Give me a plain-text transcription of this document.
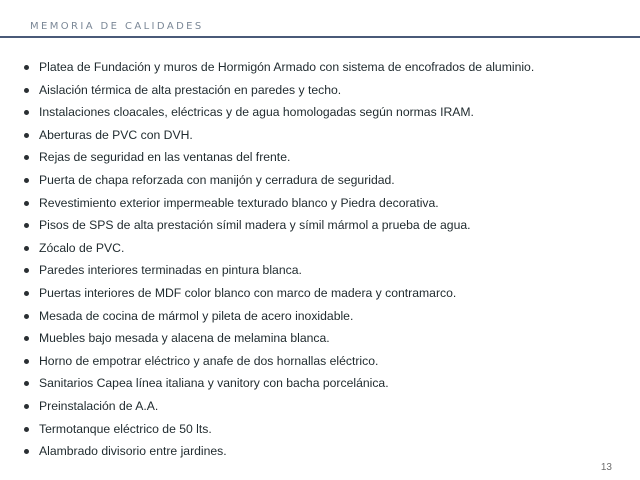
MEMORIA DE CALIDADES
Platea de Fundación y muros de Hormigón Armado con sistema de encofrados de aluminio.
Aislación térmica de alta prestación en paredes y techo.
Instalaciones cloacales, eléctricas y de agua homologadas según normas IRAM.
Aberturas de PVC con DVH.
Rejas de seguridad en las ventanas del frente.
Puerta de chapa reforzada con manijón y cerradura de seguridad.
Revestimiento exterior impermeable texturado blanco y Piedra decorativa.
Pisos de SPS de alta prestación símil madera y símil mármol a prueba de agua.
Zócalo de PVC.
Paredes interiores terminadas en pintura blanca.
Puertas interiores de MDF color blanco con marco de madera y contramarco.
Mesada de cocina de mármol y pileta de acero inoxidable.
Muebles bajo mesada y alacena de melamina blanca.
Horno de empotrar eléctrico y anafe de dos hornallas eléctrico.
Sanitarios Capea línea italiana y vanitory con bacha porcelánica.
Preinstalación de A.A.
Termotanque eléctrico de 50 lts.
Alambrado divisorio entre jardines.
13
